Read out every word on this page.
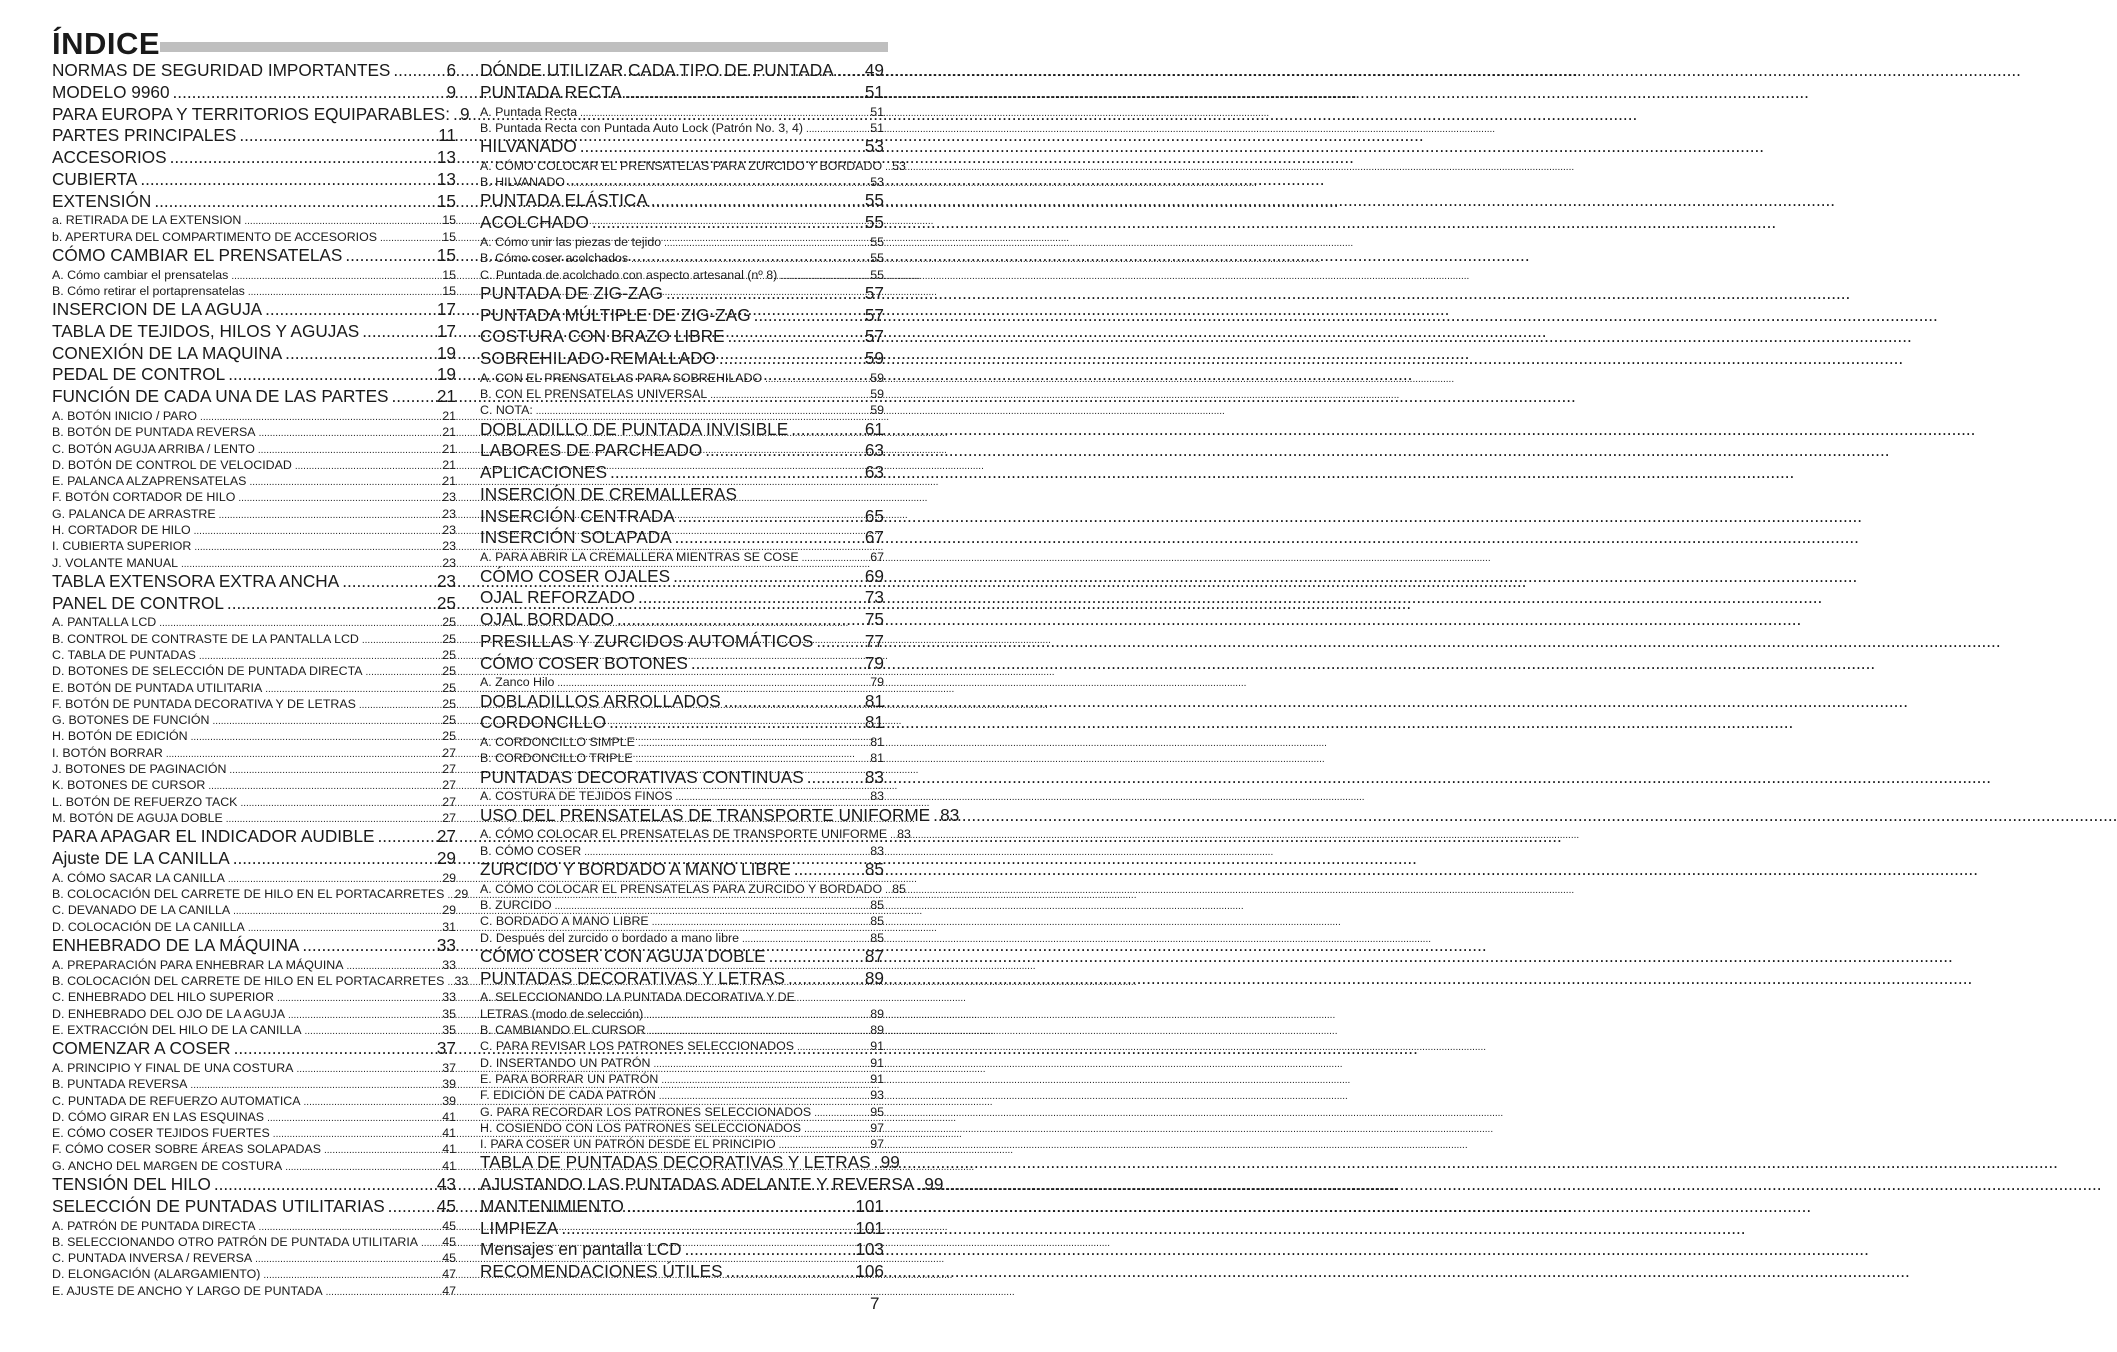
ÍNDICE
NORMAS DE SEGURIDAD IMPORTANTES .....	6
MODELO 9960 .....	9
PARA EUROPA Y TERRITORIOS EQUIPARABLES: ..... 9
PARTES PRINCIPALES .....	11
ACCESORIOS .....	13
CUBIERTA .....	13
EXTENSIÓN .....	15
a. RETIRADA DE LA EXTENSION .....	15
b. APERTURA DEL COMPARTIMENTO DE ACCESORIOS .....	15
CÓMO CAMBIAR EL PRENSATELAS .....	15
A. Cómo cambiar el prensatelas .....	15
B. Cómo retirar el portaprensatelas .....	15
INSERCION DE LA AGUJA .....	17
TABLA DE TEJIDOS, HILOS Y AGUJAS .....	17
CONEXIÓN DE LA MAQUINA .....	19
PEDAL DE CONTROL .....	19
FUNCIÓN DE CADA UNA DE LAS PARTES .....	21
A. BOTÓN INICIO / PARO .....	21
B. BOTÓN DE PUNTADA REVERSA .....	21
C. BOTÓN AGUJA ARRIBA / LENTO .....	21
D. BOTÓN DE CONTROL DE VELOCIDAD .....	21
E. PALANCA ALZAPRENSATELAS .....	21
F. BOTÓN CORTADOR DE HILO .....	23
G. PALANCA DE ARRASTRE .....	23
H. CORTADOR DE HILO .....	23
I. CUBIERTA SUPERIOR .....	23
J. VOLANTE MANUAL .....	23
TABLA EXTENSORA EXTRA ANCHA .....	23
PANEL DE CONTROL .....	25
A. PANTALLA LCD .....	25
B. CONTROL DE CONTRASTE DE LA PANTALLA LCD .....	25
C. TABLA DE PUNTADAS .....	25
D. BOTONES DE SELECCIÓN DE PUNTADA DIRECTA .....	25
E. BOTÓN DE PUNTADA UTILITARIA .....	25
F. BOTÓN DE PUNTADA DECORATIVA Y DE LETRAS .....	25
G. BOTONES DE FUNCIÓN .....	25
H. BOTÓN DE EDICIÓN .....	25
I. BOTÓN BORRAR .....	27
J. BOTONES DE PAGINACIÓN .....	27
K. BOTONES DE CURSOR .....	27
L. BOTÓN DE REFUERZO TACK .....	27
M. BOTÓN DE AGUJA DOBLE .....	27
PARA APAGAR EL INDICADOR AUDIBLE .....	27
Ajuste DE LA CANILLA .....	29
A. CÓMO SACAR LA CANILLA .....	29
B. COLOCACIÓN DEL CARRETE DE HILO EN EL PORTACARRETES ..... 29
C. DEVANADO DE LA CANILLA .....	29
D. COLOCACIÓN DE LA CANILLA .....	31
ENHEBRADO DE LA MÁQUINA .....	33
A. PREPARACIÓN PARA ENHEBRAR LA MÁQUINA .....	33
B. COLOCACIÓN DEL CARRETE DE HILO EN EL PORTACARRETES ..... 33
C. ENHEBRADO DEL HILO SUPERIOR .....	33
D. ENHEBRADO DEL OJO DE LA AGUJA .....	35
E. EXTRACCIÓN DEL HILO DE LA CANILLA .....	35
COMENZAR A COSER .....	37
A. PRINCIPIO Y FINAL DE UNA COSTURA .....	37
B. PUNTADA REVERSA .....	39
C. PUNTADA DE REFUERZO AUTOMATICA .....	39
D. CÓMO GIRAR EN LAS ESQUINAS .....	41
E. CÓMO COSER TEJIDOS FUERTES .....	41
F. CÓMO COSER SOBRE ÁREAS SOLAPADAS .....	41
G. ANCHO DEL MARGEN DE COSTURA .....	41
TENSIÓN DEL HILO .....	43
SELECCIÓN DE PUNTADAS UTILITARIAS .....	45
A. PATRÓN DE PUNTADA DIRECTA .....	45
B. SELECCIONANDO OTRO PATRÓN DE PUNTADA UTILITARIA ..... 45
C. PUNTADA INVERSA / REVERSA .....	45
D. ELONGACIÓN (ALARGAMIENTO) .....	47
E. AJUSTE DE ANCHO Y LARGO DE PUNTADA .....	47
DÓNDE UTILIZAR CADA TIPO DE PUNTADA ..... 49
PUNTADA RECTA .....	51
A. Puntada Recta .....	51
B. Puntada Recta con Puntada Auto Lock (Patrón No. 3, 4) .....	51
HILVANADO .....	53
A. CÓMO COLOCAR EL PRENSATELAS PARA ZURCIDO Y BORDADO ..... 53
B. HILVANADO .....	53
PUNTADA ELÁSTICA .....	55
ACOLCHADO .....	55
A. Cómo unir las piezas de tejido .....	55
B. Cómo coser acolchados .....	55
C. Puntada de acolchado con aspecto artesanal (nº 8) .....	55
PUNTADA DE ZIG-ZAG .....	57
PUNTADA MÚLTIPLE DE ZIG-ZAG .....	57
COSTURA CON BRAZO LIBRE .....	57
SOBREHILADO-REMALLADO .....	59
A. CON EL PRENSATELAS PARA SOBREHILADO .....	59
B. CON EL PRENSATELAS UNIVERSAL .....	59
C. NOTA: .....	59
DOBLADILLO DE PUNTADA INVISIBLE .....	61
LABORES DE PARCHEADO .....	63
APLICACIONES .....	63
INSERCIÓN DE CREMALLERAS
INSERCIÓN CENTRADA .....	65
INSERCIÓN SOLAPADA .....	67
A. PARA ABRIR LA CREMALLERA MIENTRAS SE COSE .....	67
CÓMO COSER OJALES .....	69
OJAL REFORZADO .....	73
OJAL BORDADO .....	75
PRESILLAS Y ZURCIDOS AUTOMÁTICOS .....	77
CÓMO COSER BOTONES .....	79
A. Zanco Hilo .....	79
DOBLADILLOS ARROLLADOS .....	81
CORDONCILLO .....	81
A. CORDONCILLO SIMPLE .....	81
B. CORDONCILLO TRIPLE .....	81
PUNTADAS DECORATIVAS CONTINUAS .....	83
A. COSTURA DE TEJIDOS FINOS .....	83
USO DEL PRENSATELAS DE TRANSPORTE UNIFORME ..... 83
A. CÓMO COLOCAR EL PRENSATELAS DE TRANSPORTE UNIFORME ..... 83
B. CÓMO COSER .....	83
ZURCIDO Y BORDADO A MANO LIBRE .....	85
A. CÓMO COLOCAR EL PRENSATELAS PARA ZURCIDO Y BORDADO ..... 85
B. ZURCIDO .....	85
C. BORDADO A MANO LIBRE .....	85
D. Después del zurcido o bordado a mano libre .....	85
CÓMO COSER CON AGUJA DOBLE .....	87
PUNTADAS DECORATIVAS Y LETRAS .....	89
A. SELECCIONANDO LA PUNTADA DECORATIVA Y DE
LETRAS (modo de selección) .....	89
B. CAMBIANDO EL CURSOR .....	89
C. PARA REVISAR LOS PATRONES SELECCIONADOS .....	91
D. INSERTANDO UN PATRÓN .....	91
E. PARA BORRAR UN PATRÓN .....	91
F. EDICIÓN DE CADA PATRÓN .....	93
G. PARA RECORDAR LOS PATRONES SELECCIONADOS .....	95
H. COSIENDO CON LOS PATRONES SELECCIONADOS .....	97
I. PARA COSER UN PATRÓN DESDE EL PRINCIPIO .....	97
TABLA DE PUNTADAS DECORATIVAS Y LETRAS ..... 99
AJUSTANDO LAS PUNTADAS ADELANTE Y REVERSA ..... 99
MANTENIMIENTO .....	101
LIMPIEZA .....	101
Mensajes en pantalla LCD .....	103
RECOMENDACIONES ÚTILES .....	106
7
